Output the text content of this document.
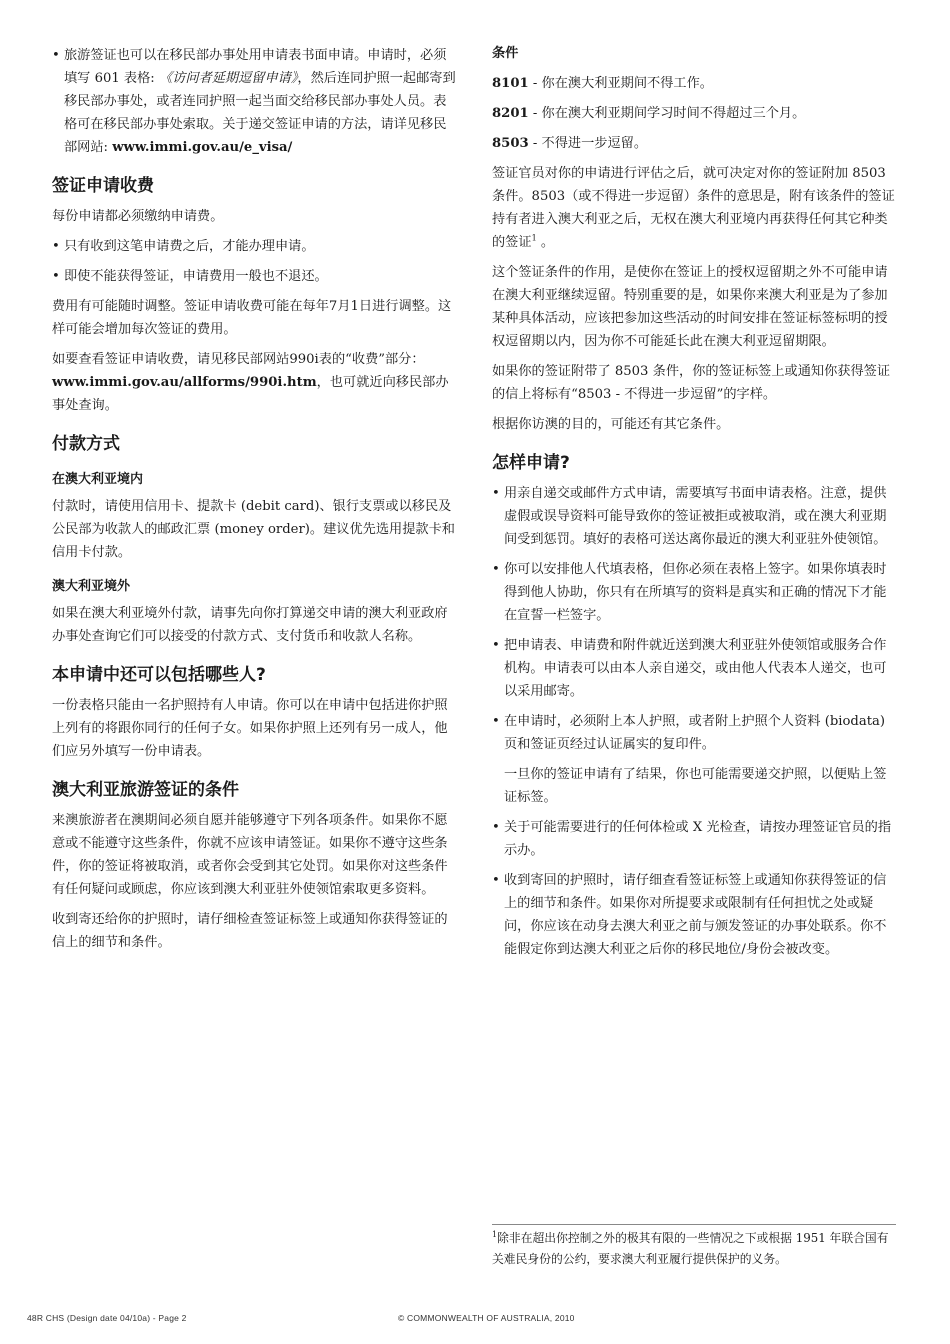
• 旅游签证也可以在移民部办事处用申请表书面申请。申请时，必须填写 601 表格: 《访问者延期逗留申请》，然后连同护照一起邮寄到移民部办事处，或者连同护照一起当面交给移民部办事处人员。表格可在移民部办事处索取。关于递交签证申请的方法，请详见移民部网站: www.immi.gov.au/e_visa/
签证申请收费

每份申请都必须缴纳申请费。

• 只有收到这笔申请费之后，才能办理申请。
• 即使不能获得签证，申请费用一般也不退还。

费用有可能随时调整。签证申请收费可能在每年7月1日进行调整。这样可能会增加每次签证的费用。

如要查看签证申请收费，请见移民部网站990i表的“收费”部分：www.immi.gov.au/allforms/990i.htm，也可就近向移民部办事处查询。

付款方式
在澳大利亚境内

付款时，请使用信用卡、提款卡 (debit card)、银行支票或以移民及公民部为收款人的邮政汇票 (money order)。建议优先选用提款卡和信用卡付款。

澳大利亚境外

如果在澳大利亚境外付款，请事先向你打算递交申请的澳大利亚政府办事处查询它们可以接受的付款方式、支付货币和收款人名称。

本申请中还可以包括哪些人?

一份表格只能由一名护照持有人申请。你可以在申请中包括进你护照上列有的将跟你同行的任何子女。如果你护照上还列有另一成人，他们应另外填写一份申请表。

澳大利亚旅游签证的条件

来澳旅游者在澳期间必须自愿并能够遵守下列各项条件。如果你不愿意或不能遵守这些条件，你就不应该申请签证。如果你不遵守这些条件，你的签证将被取消，或者你会受到其它处罚。如果你对这些条件有任何疑问或顾虑，你应该到澳大利亚驻外使领馆索取更多资料。

收到寄还给你的护照时，请仔细检查签证标签上或通知你获得签证的信上的细节和条件。

条件

8101 - 你在澳大利亚期间不得工作。

8201 - 你在澳大利亚期间学习时间不得超过三个月。

8503 - 不得进一步逗留。

签证官员对你的申请进行评估之后，就可决定对你的签证附加 8503 条件。8503（或不得进一步逗留）条件的意思是，附有该条件的签证持有者进入澳大利亚之后，无权在澳大利亚境内再获得任何其它种类的签证$^1$ 。

这个签证条件的作用，是使你在签证上的授权逗留期之外不可能申请在澳大利亚继续逗留。特别重要的是，如果你来澳大利亚是为了参加某种具体活动，应该把参加这些活动的时间安排在签证标签标明的授权逗留期以内，因为你不可能延长此在澳大利亚逗留期限。

如果你的签证附带了 8503 条件，你的签证标签上或通知你获得签证的信上将标有“8503 - 不得进一步逗留”的字样。

根据你访澳的目的，可能还有其它条件。

怎样申请?
• 用亲自递交或邮件方式申请，需要填写书面申请表格。注意，提供虚假或误导资料可能导致你的签证被拒或被取消，或在澳大利亚期间受到惩罚。填好的表格可送达离你最近的澳大利亚驻外使领馆。
• 你可以安排他人代填表格，但你必须在表格上签字。如果你填表时得到他人协助，你只有在所填写的资料是真实和正确的情况下才能在宣誓一栏签字。
• 把申请表、申请费和附件就近送到澳大利亚驻外使领馆或服务合作机构。申请表可以由本人亲自递交，或由他人代表本人递交，也可以采用邮寄。
• 在申请时，必须附上本人护照，或者附上护照个人资料 (biodata) 页和签证页经过认证属实的复印件。

一旦你的签证申请有了结果，你也可能需要递交护照，以便贴上签证标签。

• 关于可能需要进行的任何体检或 X 光检查，请按办理签证官员的指示办。
• 收到寄回的护照时，请仔细查看签证标签上或通知你获得签证的信上的细节和条件。如果你对所提要求或限制有任何担忧之处或疑问，你应该在动身去澳大利亚之前与颁发签证的办事处联系。你不能假定你到达澳大利亚之后你的移民地位/身份会被改变。
$^1$除非在超出你控制之外的极其有限的一些情况之下或根据 1951 年联合国有关难民身份的公约，要求澳大利亚履行提供保护的义务。
48R CHS (Design date 04/10a) - Page 2	© COMMONWEALTH OF AUSTRALIA, 2010
